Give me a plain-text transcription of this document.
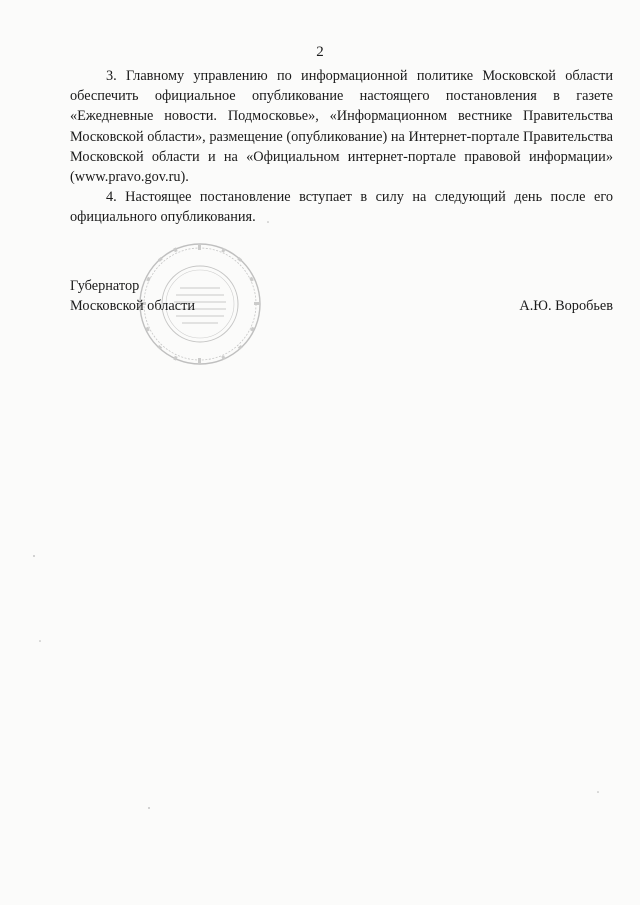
2

3. Главному управлению по информационной политике Московской области обеспечить официальное опубликование настоящего постановления в газете «Ежедневные новости. Подмосковье», «Информационном вестнике Правительства Московской области», размещение (опубликование) на Интернет-портале Правительства Московской области и на «Официальном интернет-портале правовой информации» (www.pravo.gov.ru).

4. Настоящее постановление вступает в силу на следующий день после его официального опубликования.

Губернатор
Московской области	А.Ю. Воробьев
